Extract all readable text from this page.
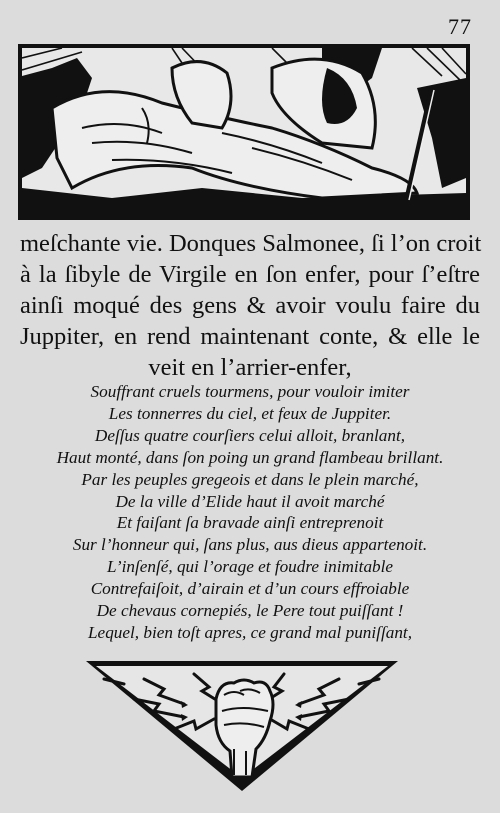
77
meſchante vie. Donques Salmonee, ſi l’on croit
à la ſibyle de Virgile en ſon enfer, pour ſ’eſtre
ainſi moqué des gens & avoir voulu faire du
Juppiter, en rend maintenant conte, & elle le
veit en l’arrier-enfer,
Souffrant cruels tourmens, pour vouloir imiter
Les tonnerres du ciel, et feux de Juppiter.
Deſſus quatre courſiers celui alloit, branlant,
Haut monté, dans ſon poing un grand flambeau brillant.
Par les peuples gregeois et dans le plein marché,
De la ville d’Elide haut il avoit marché
Et faiſant ſa bravade ainſi entreprenoit
Sur l’honneur qui, ſans plus, aus dieus appartenoit.
L’inſenſé, qui l’orage et foudre inimitable
Contrefaiſoit, d’airain et d’un cours effroiable
De chevaus cornepiés, le Pere tout puiſſant !
Lequel, bien toſt apres, ce grand mal puniſſant,
